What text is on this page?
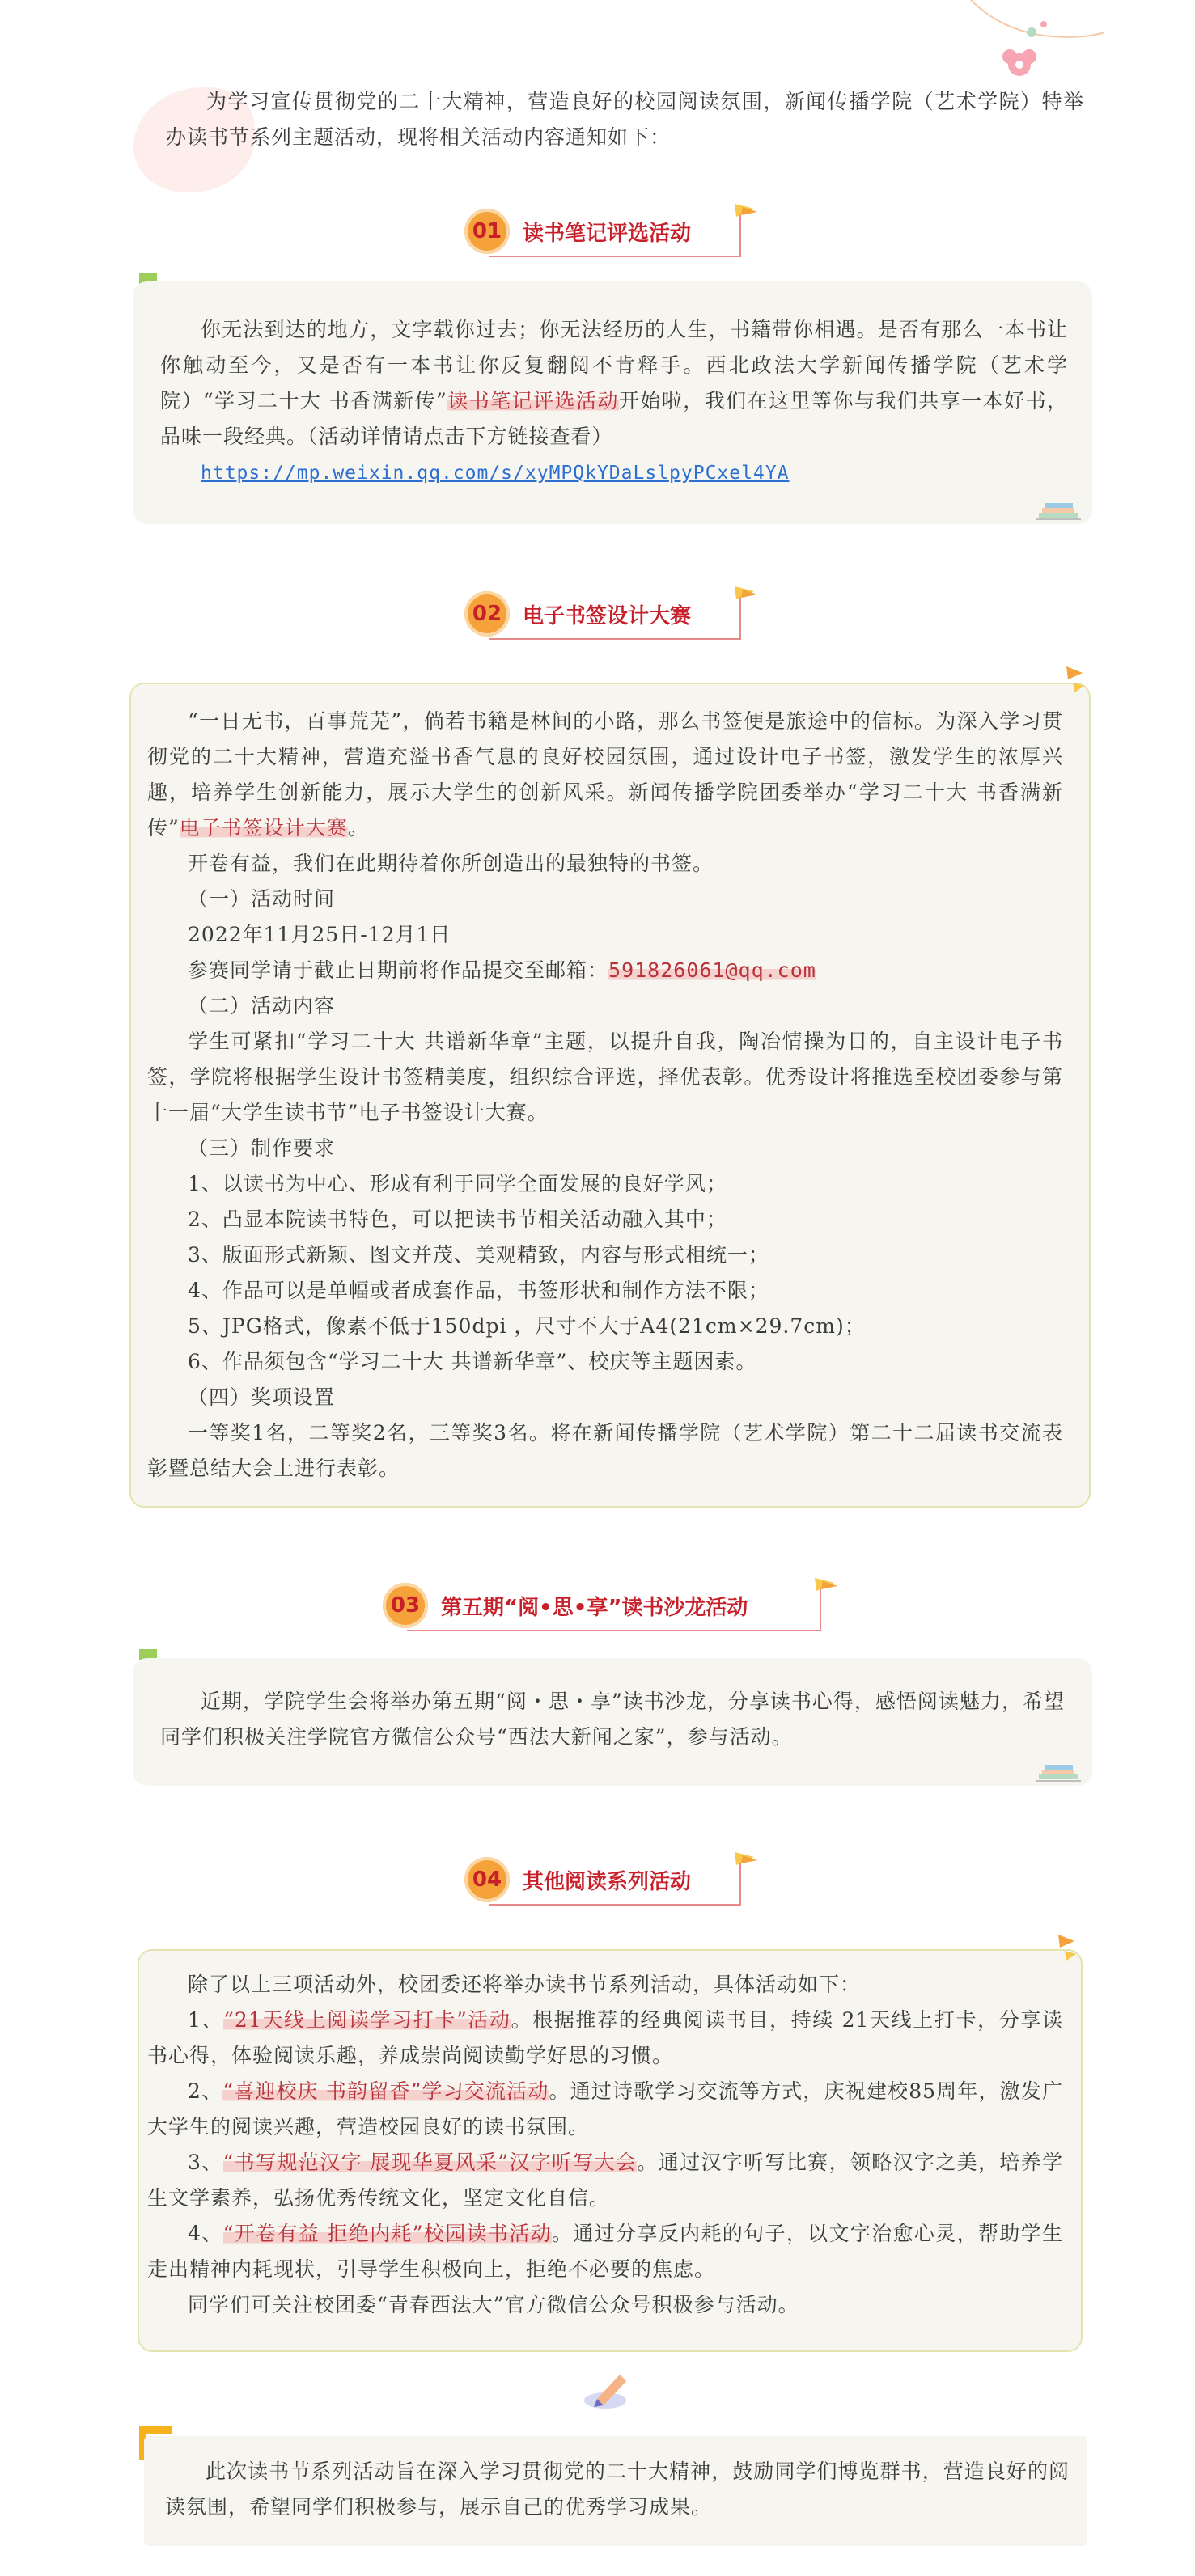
为学习宣传贯彻党的二十大精神，营造良好的校园阅读氛围，新闻传播学院（艺术学院）特举办读书节系列主题活动，现将相关活动内容通知如下：
01 读书笔记评选活动
你无法到达的地方，文字载你过去；你无法经历的人生，书籍带你相遇。是否有那么一本书让你触动至今，又是否有一本书让你反复翻阅不肯释手。西北政法大学新闻传播学院（艺术学院）“学习二十大 书香满新传”读书笔记评选活动开始啦，我们在这里等你与我们共享一本好书，品味一段经典。（活动详情请点击下方链接查看）
https://mp.weixin.qq.com/s/xyMPQkYDaLslpyPCxel4YA
02 电子书签设计大赛
“一日无书，百事荒芜”，倘若书籍是林间的小路，那么书签便是旅途中的信标。为深入学习贯彻党的二十大精神，营造充溢书香气息的良好校园氛围，通过设计电子书签，激发学生的浓厚兴趣，培养学生创新能力，展示大学生的创新风采。新闻传播学院团委举办“学习二十大 书香满新传”电子书签设计大赛。
开卷有益，我们在此期待着你所创造出的最独特的书签。
（一）活动时间
2022年11月25日-12月1日
参赛同学请于截止日期前将作品提交至邮箱：591826061@qq.com
（二）活动内容
学生可紧扣“学习二十大 共谱新华章”主题，以提升自我，陶冶情操为目的，自主设计电子书签，学院将根据学生设计书签精美度，组织综合评选，择优表彰。优秀设计将推选至校团委参与第十一届“大学生读书节”电子书签设计大赛。
（三）制作要求
1、以读书为中心、形成有利于同学全面发展的良好学风；
2、凸显本院读书特色，可以把读书节相关活动融入其中；
3、版面形式新颖、图文并茂、美观精致，内容与形式相统一；
4、作品可以是单幅或者成套作品，书签形状和制作方法不限；
5、JPG格式，像素不低于150dpi ，尺寸不大于A4(21cm×29.7cm)；
6、作品须包含“学习二十大 共谱新华章”、校庆等主题因素。
（四）奖项设置
一等奖1名，二等奖2名，三等奖3名。将在新闻传播学院（艺术学院）第二十二届读书交流表彰暨总结大会上进行表彰。
03 第五期“阅•思•享”读书沙龙活动
近期，学院学生会将举办第五期“阅・思・享”读书沙龙，分享读书心得，感悟阅读魅力，希望同学们积极关注学院官方微信公众号“西法大新闻之家”，参与活动。
04 其他阅读系列活动
除了以上三项活动外，校团委还将举办读书节系列活动，具体活动如下：
1、“21天线上阅读学习打卡”活动。根据推荐的经典阅读书目，持续 21天线上打卡，分享读书心得，体验阅读乐趣，养成崇尚阅读勤学好思的习惯。
2、“喜迎校庆 书韵留香”学习交流活动。通过诗歌学习交流等方式，庆祝建校85周年，激发广大学生的阅读兴趣，营造校园良好的读书氛围。
3、“书写规范汉字 展现华夏风采”汉字听写大会。通过汉字听写比赛，领略汉字之美，培养学生文学素养，弘扬优秀传统文化，坚定文化自信。
4、“开卷有益 拒绝内耗”校园读书活动。通过分享反内耗的句子，以文字治愈心灵，帮助学生走出精神内耗现状，引导学生积极向上，拒绝不必要的焦虑。
同学们可关注校团委“青春西法大”官方微信公众号积极参与活动。
此次读书节系列活动旨在深入学习贯彻党的二十大精神，鼓励同学们博览群书，营造良好的阅读氛围，希望同学们积极参与，展示自己的优秀学习成果。
